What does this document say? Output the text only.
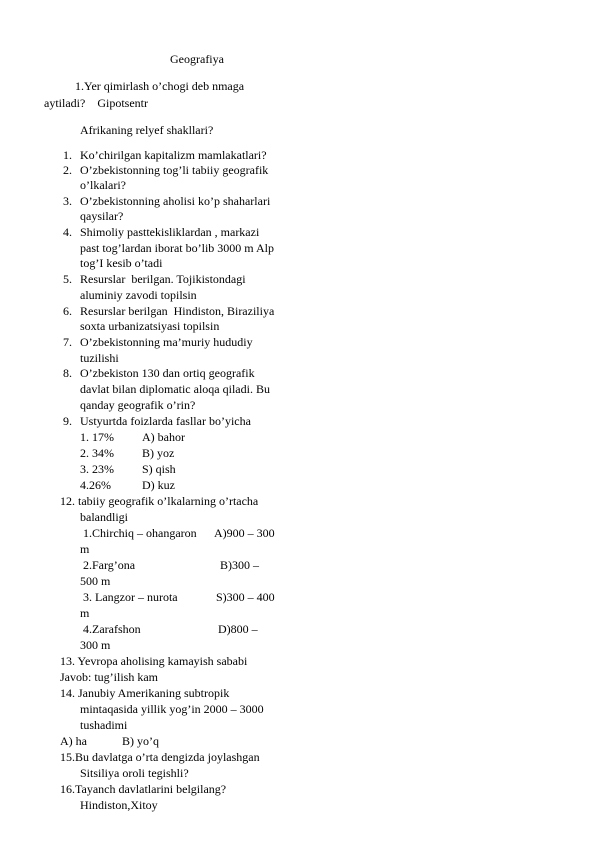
Geografiya
1.Yer qimirlash o’chogi deb nmaga
aytiladi?    Gipotsentr
Afrikaning relyef shakllari?

1.

Ko’chirilgan kapitalizm mamlakatlari?

2.

O’zbekistonning tog’li tabiiy geografik

o’lkalari?

3.

O’zbekistonning aholisi ko’p shaharlari

qaysilar?

4.

Shimoliy pasttekisliklardan , markazi

past tog’lardan iborat bo’lib 3000 m Alp

tog’I kesib o’tadi

5.

Resurslar  berilgan. Tojikistondagi

aluminiy zavodi topilsin

6.

Resurslar berilgan  Hindiston, Biraziliya

soxta urbanizatsiyasi topilsin

7.

O’zbekistonning ma’muriy hududiy

tuzilishi

8.

O’zbekiston 130 dan ortiq geografik

davlat bilan diplomatic aloqa qiladi. Bu

qanday geografik o’rin?

9.

Ustyurtda foizlarda fasllar bo’yicha

1. 17% A) bahor
2. 34% B) yoz
3. 23% S) qish
4.26%	D) kuz
12. tabiiy geografik o’lkalarning o’rtacha
balandligi
1.Chirchiq – ohangaron A)900 – 300
m
2.Farg’ona	B)300 –
500 m
3. Langzor – nurota	S)300 – 400
m
4.Zarafshon	D)800 –
300 m
13. Yevropa aholising kamayish sababi
Javob: tug’ilish kam
14. Janubiy Amerikaning subtropik
mintaqasida yillik yog’in 2000 – 3000
tushadimi
A) ha	B) yo’q
15.Bu davlatga o’rta dengizda joylashgan
Sitsiliya oroli tegishli?
16.Tayanch davlatlarini belgilang?
Hindiston,Xitoy
